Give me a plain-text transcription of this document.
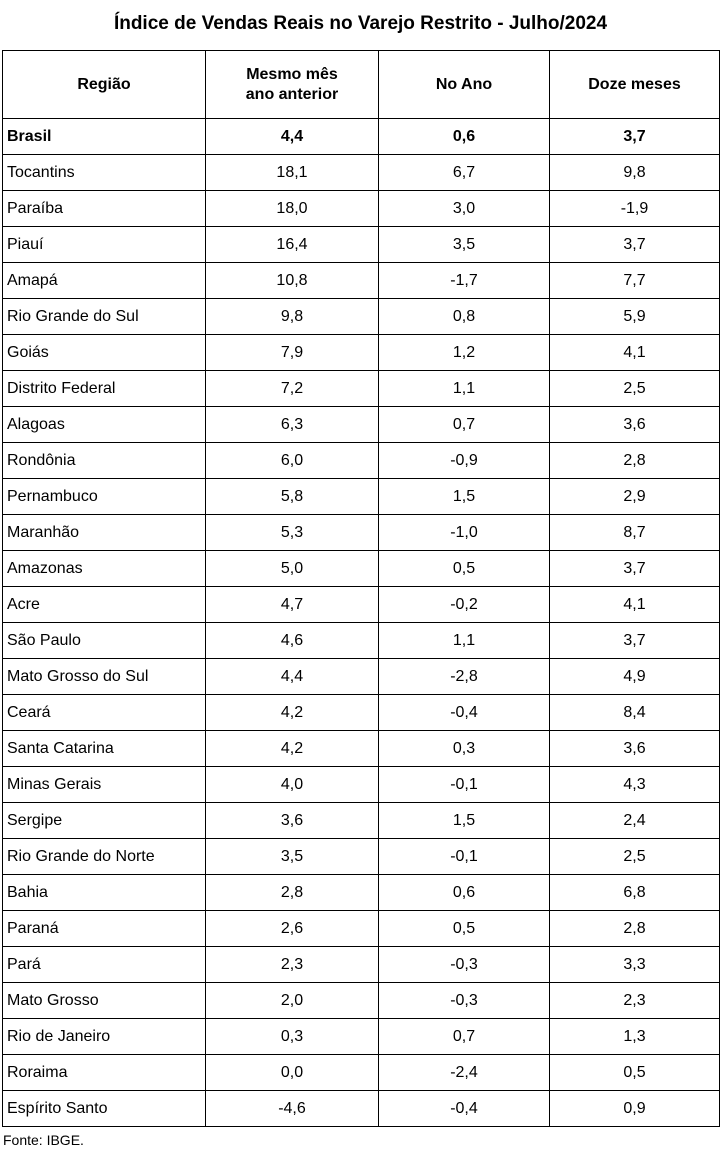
Índice de Vendas Reais no Varejo Restrito - Julho/2024
Região	Mesmo mês ano anterior	No Ano	Doze meses
Brasil	4,4	0,6	3,7
Tocantins	18,1	6,7	9,8
Paraíba	18,0	3,0	-1,9
Piauí	16,4	3,5	3,7
Amapá	10,8	-1,7	7,7
Rio Grande do Sul	9,8	0,8	5,9
Goiás	7,9	1,2	4,1
Distrito Federal	7,2	1,1	2,5
Alagoas	6,3	0,7	3,6
Rondônia	6,0	-0,9	2,8
Pernambuco	5,8	1,5	2,9
Maranhão	5,3	-1,0	8,7
Amazonas	5,0	0,5	3,7
Acre	4,7	-0,2	4,1
São Paulo	4,6	1,1	3,7
Mato Grosso do Sul	4,4	-2,8	4,9
Ceará	4,2	-0,4	8,4
Santa Catarina	4,2	0,3	3,6
Minas Gerais	4,0	-0,1	4,3
Sergipe	3,6	1,5	2,4
Rio Grande do Norte	3,5	-0,1	2,5
Bahia	2,8	0,6	6,8
Paraná	2,6	0,5	2,8
Pará	2,3	-0,3	3,3
Mato Grosso	2,0	-0,3	2,3
Rio de Janeiro	0,3	0,7	1,3
Roraima	0,0	-2,4	0,5
Espírito Santo	-4,6	-0,4	0,9
Fonte: IBGE.
